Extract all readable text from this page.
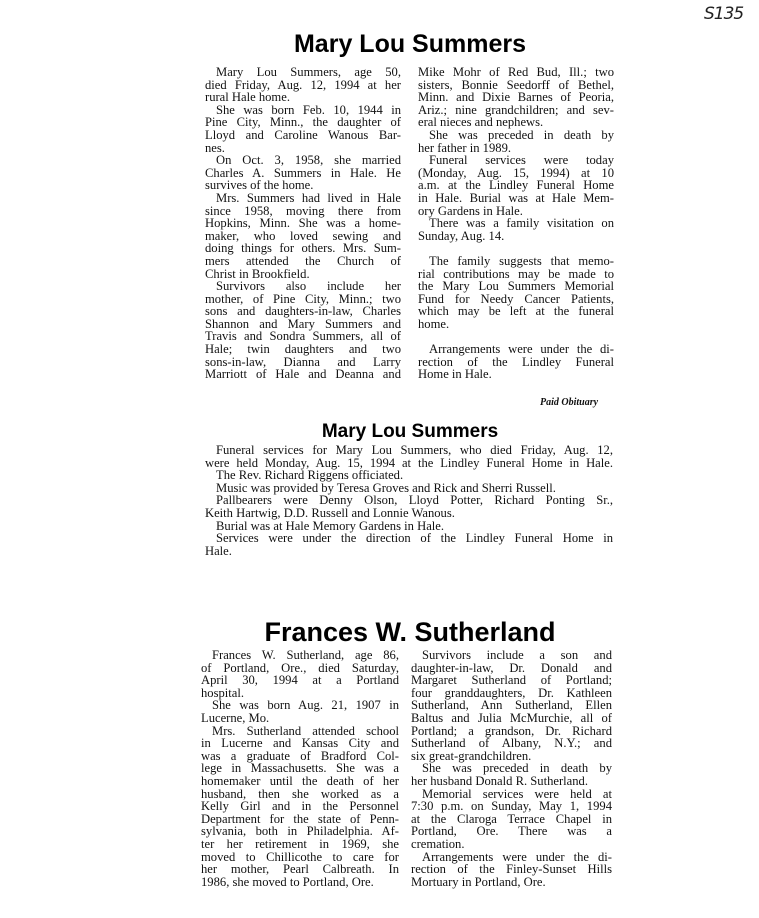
S135
Mary Lou Summers
Mary Lou Summers, age 50,
died Friday, Aug. 12, 1994 at her
rural Hale home.
She was born Feb. 10, 1944 in
Pine City, Minn., the daughter of
Lloyd and Caroline Wanous Bar-
nes.
On Oct. 3, 1958, she married
Charles A. Summers in Hale. He
survives of the home.
Mrs. Summers had lived in Hale
since 1958, moving there from
Hopkins, Minn. She was a home-
maker, who loved sewing and
doing things for others. Mrs. Sum-
mers attended the Church of
Christ in Brookfield.
Survivors also include her
mother, of Pine City, Minn.; two
sons and daughters-in-law, Charles
Shannon and Mary Summers and
Travis and Sondra Summers, all of
Hale; twin daughters and two
sons-in-law, Dianna and Larry
Marriott of Hale and Deanna and
Mike Mohr of Red Bud, Ill.; two
sisters, Bonnie Seedorff of Bethel,
Minn. and Dixie Barnes of Peoria,
Ariz.; nine grandchildren; and sev-
eral nieces and nephews.
She was preceded in death by
her father in 1989.
Funeral services were today
(Monday, Aug. 15, 1994) at 10
a.m. at the Lindley Funeral Home
in Hale. Burial was at Hale Mem-
ory Gardens in Hale.
There was a family visitation on
Sunday, Aug. 14.
The family suggests that memo-
rial contributions may be made to
the Mary Lou Summers Memorial
Fund for Needy Cancer Patients,
which may be left at the funeral
home.
Arrangements were under the di-
rection of the Lindley Funeral
Home in Hale.
Paid Obituary
Mary Lou Summers
Funeral services for Mary Lou Summers, who died Friday, Aug. 12,
were held Monday, Aug. 15, 1994 at the Lindley Funeral Home in Hale.
The Rev. Richard Riggens officiated.
Music was provided by Teresa Groves and Rick and Sherri Russell.
Pallbearers were Denny Olson, Lloyd Potter, Richard Ponting Sr.,
Keith Hartwig, D.D. Russell and Lonnie Wanous.
Burial was at Hale Memory Gardens in Hale.
Services were under the direction of the Lindley Funeral Home in
Hale.
Frances W. Sutherland
Frances W. Sutherland, age 86,
of Portland, Ore., died Saturday,
April 30, 1994 at a Portland
hospital.
She was born Aug. 21, 1907 in
Lucerne, Mo.
Mrs. Sutherland attended school
in Lucerne and Kansas City and
was a graduate of Bradford Col-
lege in Massachusetts. She was a
homemaker until the death of her
husband, then she worked as a
Kelly Girl and in the Personnel
Department for the state of Penn-
sylvania, both in Philadelphia. Af-
ter her retirement in 1969, she
moved to Chillicothe to care for
her mother, Pearl Calbreath. In
1986, she moved to Portland, Ore.
Survivors include a son and
daughter-in-law, Dr. Donald and
Margaret Sutherland of Portland;
four granddaughters, Dr. Kathleen
Sutherland, Ann Sutherland, Ellen
Baltus and Julia McMurchie, all of
Portland; a grandson, Dr. Richard
Sutherland of Albany, N.Y.; and
six great-grandchildren.
She was preceded in death by
her husband Donald R. Sutherland.
Memorial services were held at
7:30 p.m. on Sunday, May 1, 1994
at the Claroga Terrace Chapel in
Portland, Ore. There was a
cremation.
Arrangements were under the di-
rection of the Finley-Sunset Hills
Mortuary in Portland, Ore.
